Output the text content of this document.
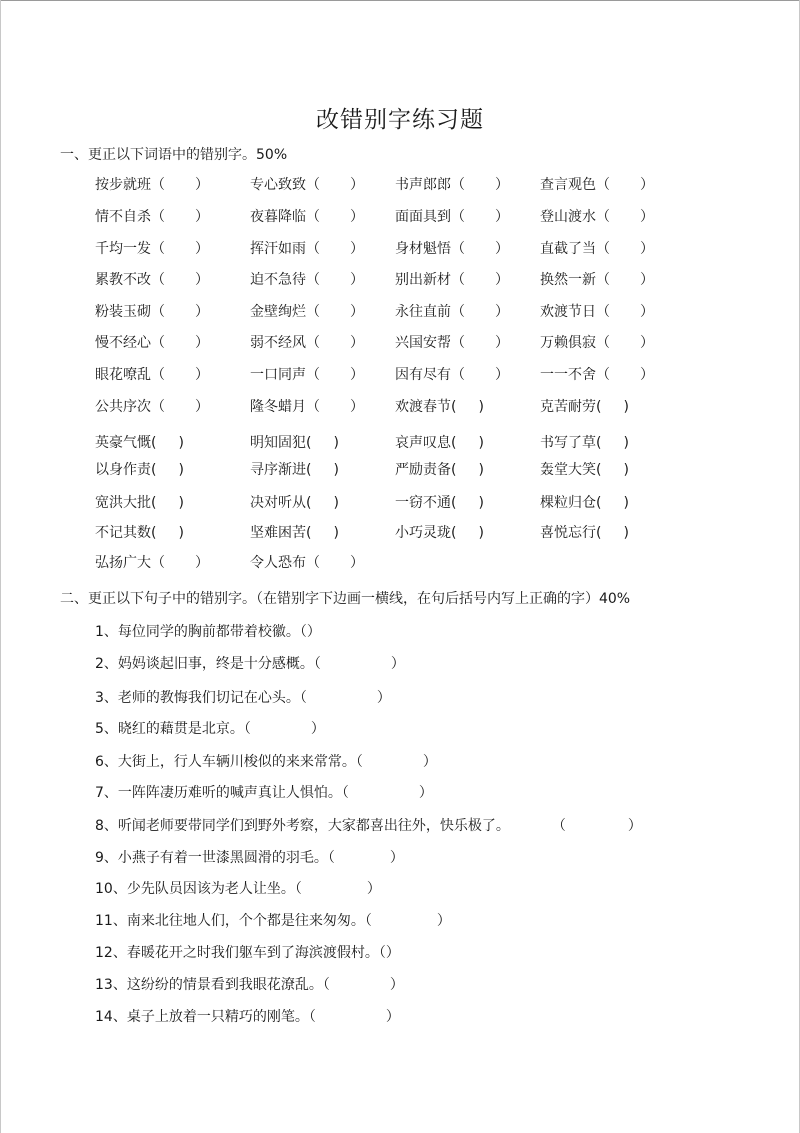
改错别字练习题
一、更正以下词语中的错别字。50%
按步就班（ ）	专心致致（ ） 书声郎郎（ ） 查言观色（ ）
情不自杀（ ）	夜暮降临（ ） 面面具到（ ） 登山渡水（ ）
千均一发（ ）	挥汗如雨（ ） 身材魁悟（ ） 直截了当（ ）
累教不改（ ）	迫不急待（ ） 别出新材（ ） 换然一新（ ）
粉装玉砌（ ）	金壁绚烂（ ） 永往直前（ ） 欢渡节日（ ）
慢不经心（ ）	弱不经风（ ） 兴国安帮（ ） 万赖俱寂（ ）
眼花嘹乱（ ）	一口同声（ ） 因有尽有（ ） 一一不舍（ ）
公共序次（ ）	隆冬蜡月（ ） 欢渡春节( )	克苦耐劳( )
英豪气慨( )	明知固犯( )	哀声叹息( )	书写了草( )
以身作责( )	寻序渐进( )	严励责备( )	轰堂大笑( )
宽洪大批( )	决对听从( )	一窃不通( )	棵粒归仓( )
不记其数( )	坚难困苦( )	小巧灵珑( )	喜悦忘行( )
弘扬广大（ ）	令人恐布（ ）
二、更正以下句子中的错别字。（在错别字下边画一横线，在句后括号内写上正确的字）40%
1、每位同学的胸前都带着校徽。（）
2、妈妈谈起旧事，终是十分感概。（	）
3、老师的教悔我们切记在心头。（	）
5、晓红的藉贯是北京。（	）
6、大街上，行人车辆川梭似的来来常常。（	）
7、一阵阵凄历难听的喊声真让人惧怕。（	）
8、听闻老师要带同学们到野外考察，大家都喜出往外，快乐极了。	（	）
9、小燕子有着一世漆黑圆滑的羽毛。（	）
10、少先队员因该为老人让坐。（	）
11、南来北往地人们，个个都是往来匆匆。（	）
12、春暖花开之时我们躯车到了海滨渡假村。（）
13、这纷纷的情景看到我眼花潦乱。（	）
14、桌子上放着一只精巧的刚笔。（	）
